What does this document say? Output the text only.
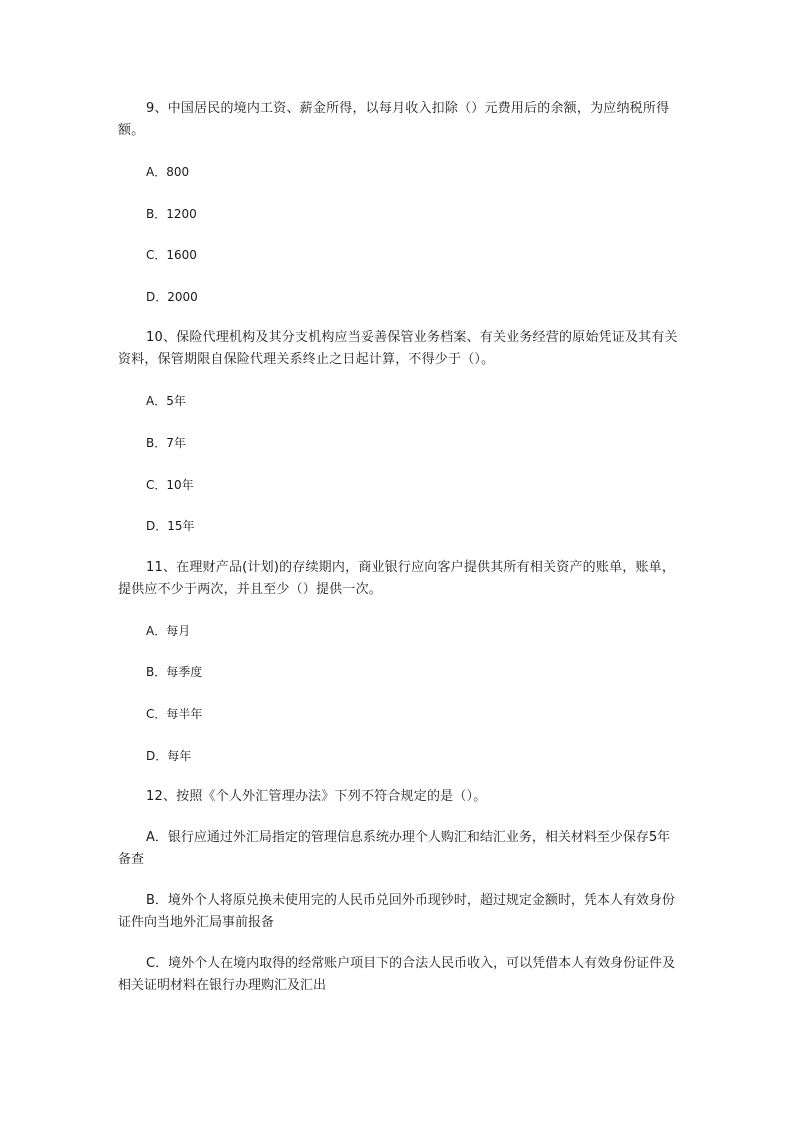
9、中国居民的境内工资、薪金所得，以每月收入扣除（）元费用后的余额，为应纳税所得额。

A．800

B．1200

C．1600

D．2000

10、保险代理机构及其分支机构应当妥善保管业务档案、有关业务经营的原始凭证及其有关资料，保管期限自保险代理关系终止之日起计算，不得少于（）。

A．5年

B．7年

C．10年

D．15年

11、在理财产品(计划)的存续期内，商业银行应向客户提供其所有相关资产的账单，账单，提供应不少于两次，并且至少（）提供一次。

A．每月

B．每季度

C．每半年

D．每年

12、按照《个人外汇管理办法》下列不符合规定的是（）。

A．银行应通过外汇局指定的管理信息系统办理个人购汇和结汇业务，相关材料至少保存5年备查

B．境外个人将原兑换未使用完的人民币兑回外币现钞时，超过规定金额时，凭本人有效身份证件向当地外汇局事前报备

C．境外个人在境内取得的经常账户项目下的合法人民币收入，可以凭借本人有效身份证件及相关证明材料在银行办理购汇及汇出
